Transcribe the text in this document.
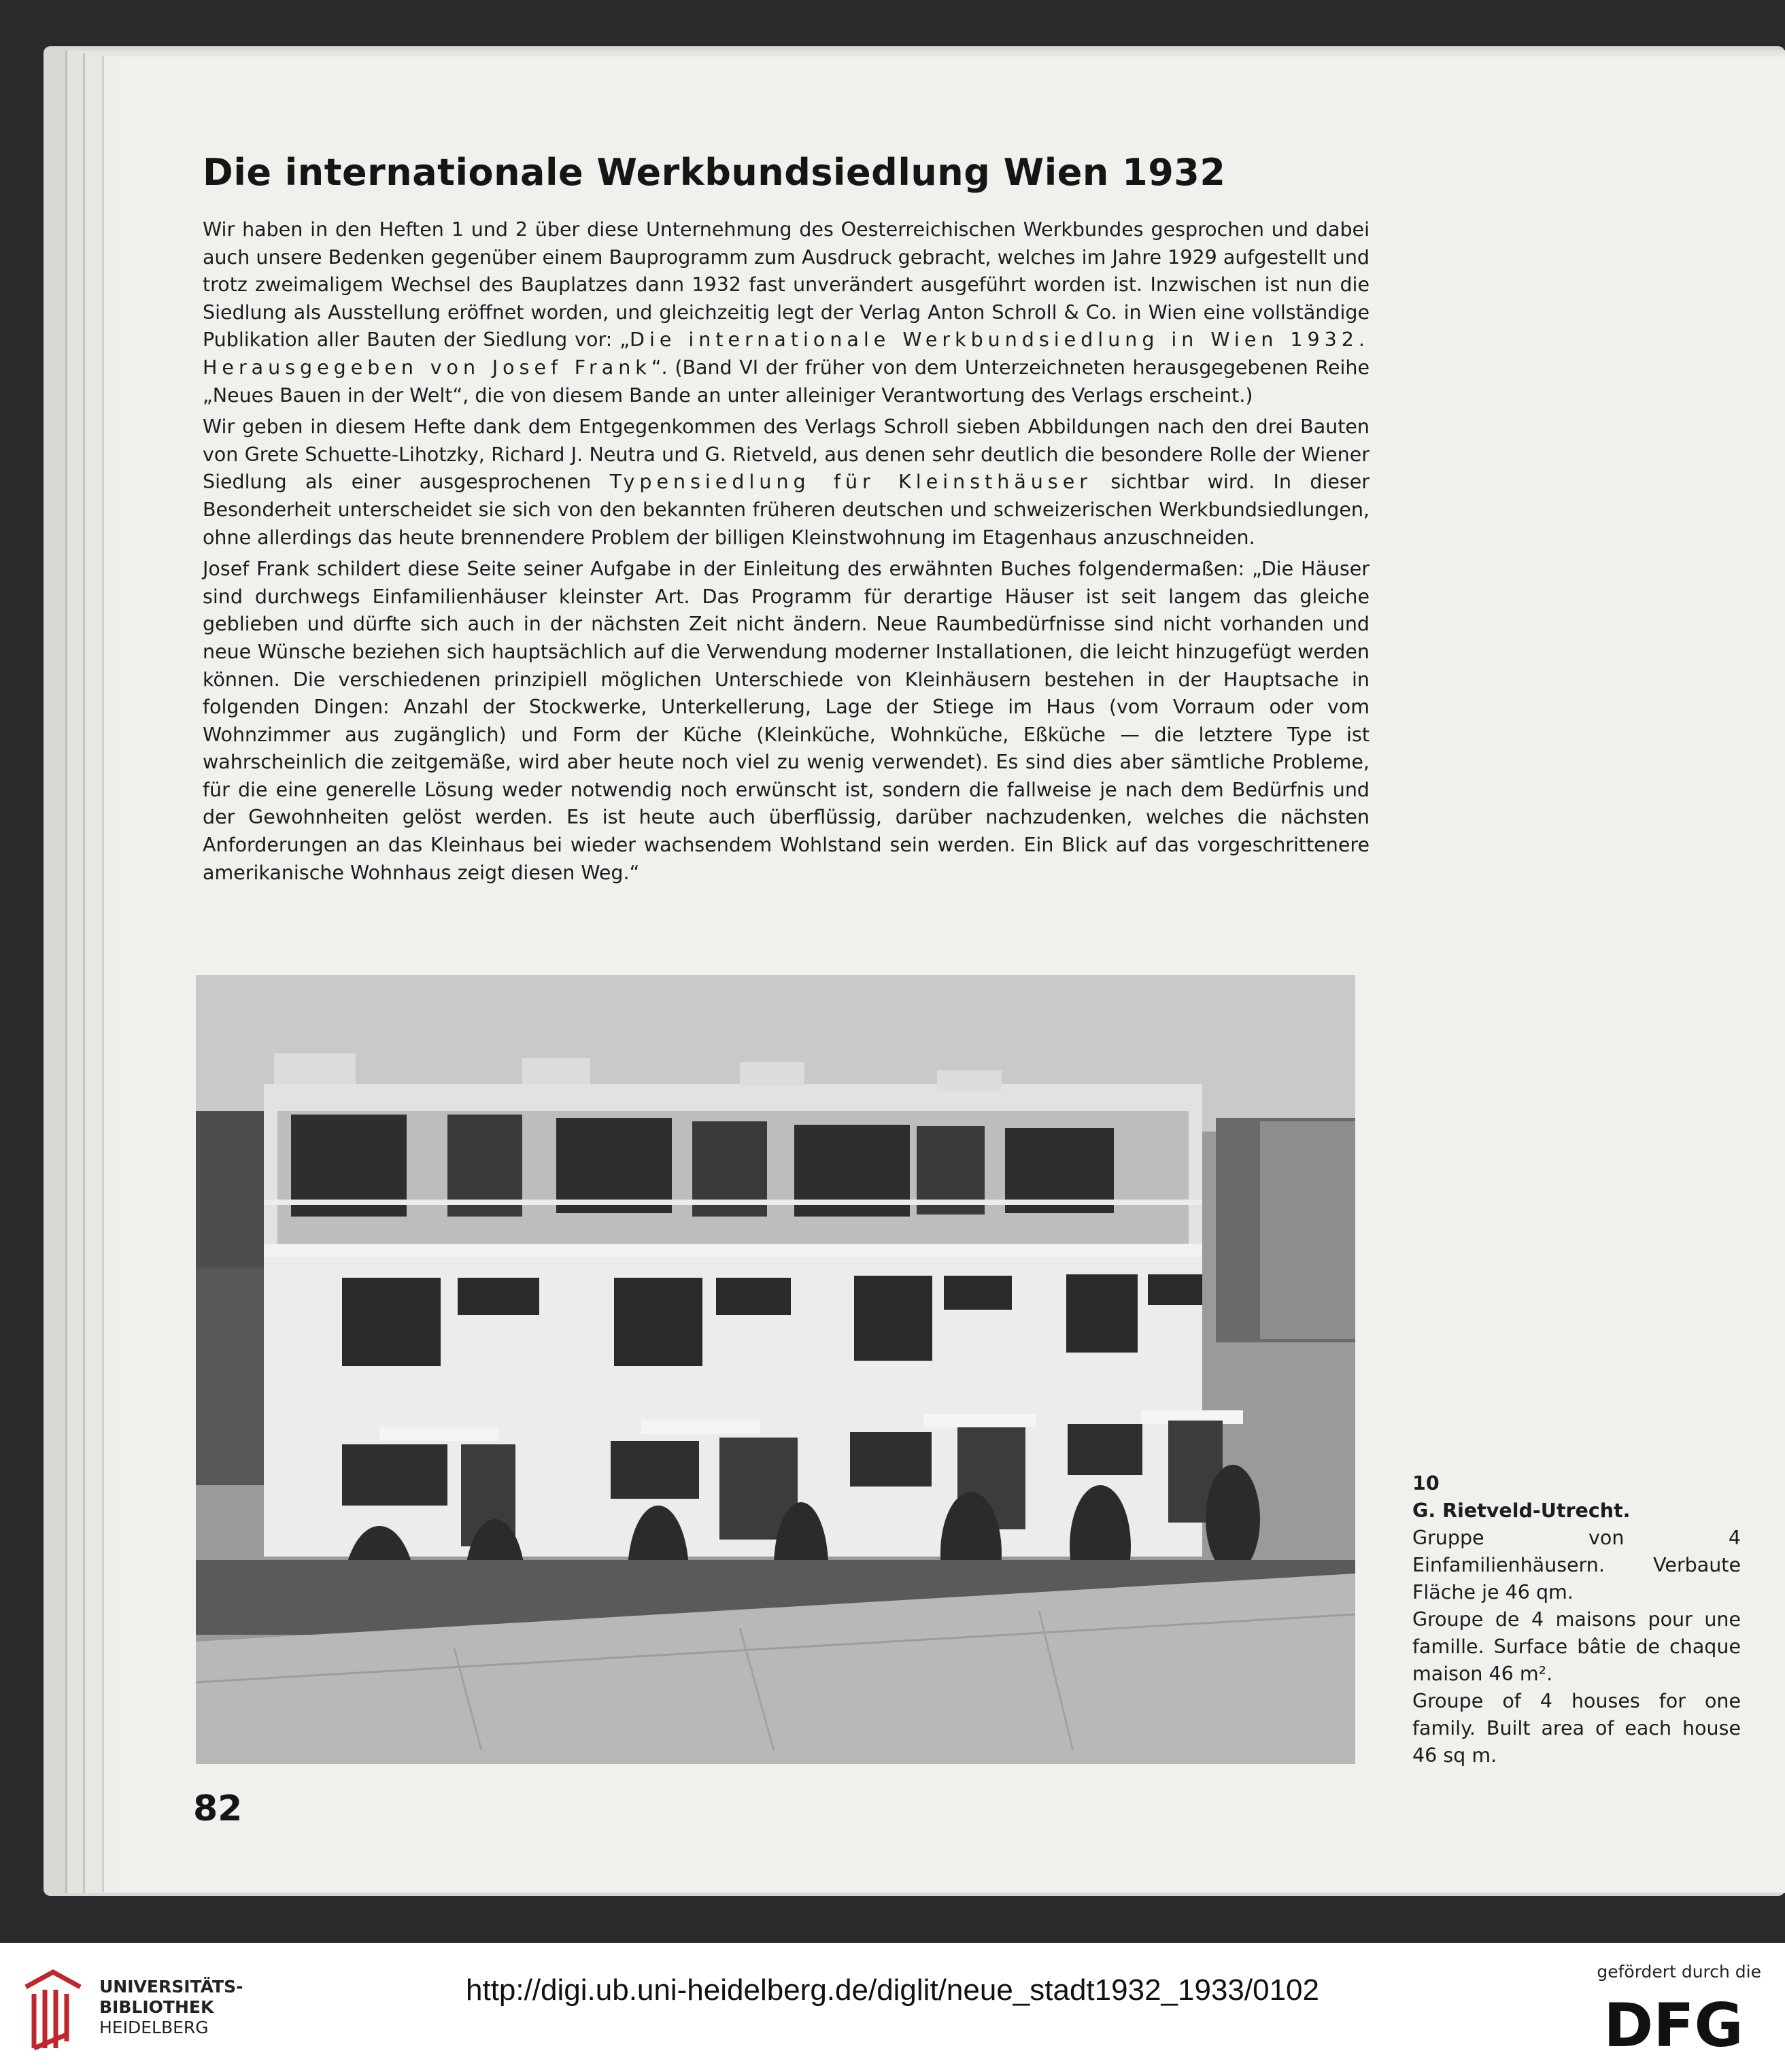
Die internationale Werkbundsiedlung Wien 1932

Wir haben in den Heften 1 und 2 über diese Unternehmung des Oesterreichischen Werkbundes gesprochen und dabei auch unsere Bedenken gegenüber einem Bauprogramm zum Ausdruck gebracht, welches im Jahre 1929 aufgestellt und trotz zweimaligem Wechsel des Bauplatzes dann 1932 fast unverändert ausgeführt worden ist. Inzwischen ist nun die Siedlung als Ausstellung eröffnet worden, und gleichzeitig legt der Verlag Anton Schroll & Co. in Wien eine vollständige Publikation aller Bauten der Siedlung vor: „Die internationale Werkbundsiedlung in Wien 1932. Herausgegeben von Josef Frank“. (Band VI der früher von dem Unterzeichneten herausgegebenen Reihe „Neues Bauen in der Welt“, die von diesem Bande an unter alleiniger Verantwortung des Verlags erscheint.)

Wir geben in diesem Hefte dank dem Entgegenkommen des Verlags Schroll sieben Abbildungen nach den drei Bauten von Grete Schuette-Lihotzky, Richard J. Neutra und G. Rietveld, aus denen sehr deutlich die besondere Rolle der Wiener Siedlung als einer ausgesprochenen Typensiedlung für Kleinsthäuser sichtbar wird. In dieser Besonderheit unterscheidet sie sich von den bekannten früheren deutschen und schweizerischen Werkbundsiedlungen, ohne allerdings das heute brennendere Problem der billigen Kleinstwohnung im Etagenhaus anzuschneiden.

Josef Frank schildert diese Seite seiner Aufgabe in der Einleitung des erwähnten Buches folgendermaßen: „Die Häuser sind durchwegs Einfamilienhäuser kleinster Art. Das Programm für derartige Häuser ist seit langem das gleiche geblieben und dürfte sich auch in der nächsten Zeit nicht ändern. Neue Raumbedürfnisse sind nicht vorhanden und neue Wünsche beziehen sich hauptsächlich auf die Verwendung moderner Installationen, die leicht hinzugefügt werden können. Die verschiedenen prinzipiell möglichen Unterschiede von Kleinhäusern bestehen in der Hauptsache in folgenden Dingen: Anzahl der Stockwerke, Unterkellerung, Lage der Stiege im Haus (vom Vorraum oder vom Wohnzimmer aus zugänglich) und Form der Küche (Kleinküche, Wohnküche, Eßküche — die letztere Type ist wahrscheinlich die zeitgemäße, wird aber heute noch viel zu wenig verwendet). Es sind dies aber sämtliche Probleme, für die eine generelle Lösung weder notwendig noch erwünscht ist, sondern die fallweise je nach dem Bedürfnis und der Gewohnheiten gelöst werden. Es ist heute auch überflüssig, darüber nachzudenken, welches die nächsten Anforderungen an das Kleinhaus bei wieder wachsendem Wohlstand sein werden. Ein Blick auf das vorgeschrittenere amerikanische Wohnhaus zeigt diesen Weg.“

10

G. Rietveld-Utrecht.

Gruppe von 4 Einfamilienhäusern. Verbaute Fläche je 46 qm.

Groupe de 4 maisons pour une famille. Surface bâtie de chaque maison 46 m².

Groupe of 4 houses for one family. Built area of each house 46 sq m.

82
UNIVERSITÄTS-
BIBLIOTHEK
HEIDELBERG
http://digi.ub.uni-heidelberg.de/diglit/neue_stadt1932_1933/0102
gefördert durch die
DFG
